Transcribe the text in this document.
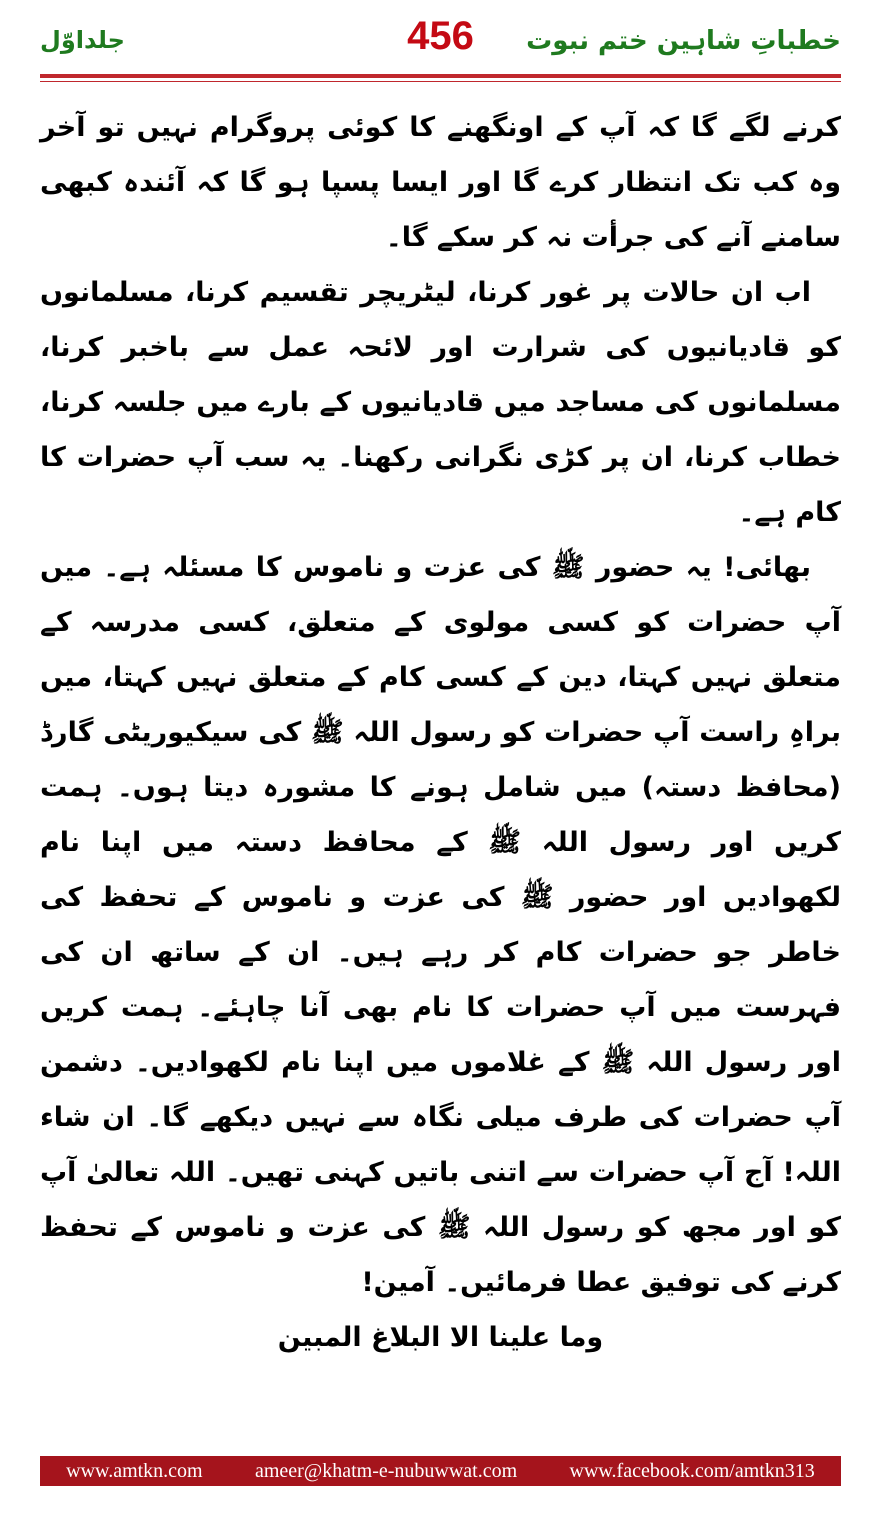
جلداوّل	456	خطباتِ شاہین ختم نبوت

کرنے لگے گا کہ آپ کے اونگھنے کا کوئی پروگرام نہیں تو آخر وہ کب تک انتظار کرے گا اور ایسا پسپا ہو گا کہ آئندہ کبھی سامنے آنے کی جرأت نہ کر سکے گا۔

اب ان حالات پر غور کرنا، لیٹریچر تقسیم کرنا، مسلمانوں کو قادیانیوں کی شرارت اور لائحہ عمل سے باخبر کرنا، مسلمانوں کی مساجد میں قادیانیوں کے بارے میں جلسہ کرنا، خطاب کرنا، ان پر کڑی نگرانی رکھنا۔ یہ سب آپ حضرات کا کام ہے۔

بھائی! یہ حضور ﷺ کی عزت و ناموس کا مسئلہ ہے۔ میں آپ حضرات کو کسی مولوی کے متعلق، کسی مدرسہ کے متعلق نہیں کہتا، دین کے کسی کام کے متعلق نہیں کہتا، میں براہِ راست آپ حضرات کو رسول اللہ ﷺ کی سیکیوریٹی گارڈ (محافظ دستہ) میں شامل ہونے کا مشورہ دیتا ہوں۔ ہمت کریں اور رسول اللہ ﷺ کے محافظ دستہ میں اپنا نام لکھوادیں اور حضور ﷺ کی عزت و ناموس کے تحفظ کی خاطر جو حضرات کام کر رہے ہیں۔ ان کے ساتھ ان کی فہرست میں آپ حضرات کا نام بھی آنا چاہئے۔ ہمت کریں اور رسول اللہ ﷺ کے غلاموں میں اپنا نام لکھوادیں۔ دشمن آپ حضرات کی طرف میلی نگاہ سے نہیں دیکھے گا۔ ان شاء اللہ! آج آپ حضرات سے اتنی باتیں کہنی تھیں۔ اللہ تعالیٰ آپ کو اور مجھ کو رسول اللہ ﷺ کی عزت و ناموس کے تحفظ کرنے کی توفیق عطا فرمائیں۔ آمین!

وما علینا الا البلاغ المبین

www.amtkn.com	ameer@khatm-e-nubuwwat.com	www.facebook.com/amtkn313
